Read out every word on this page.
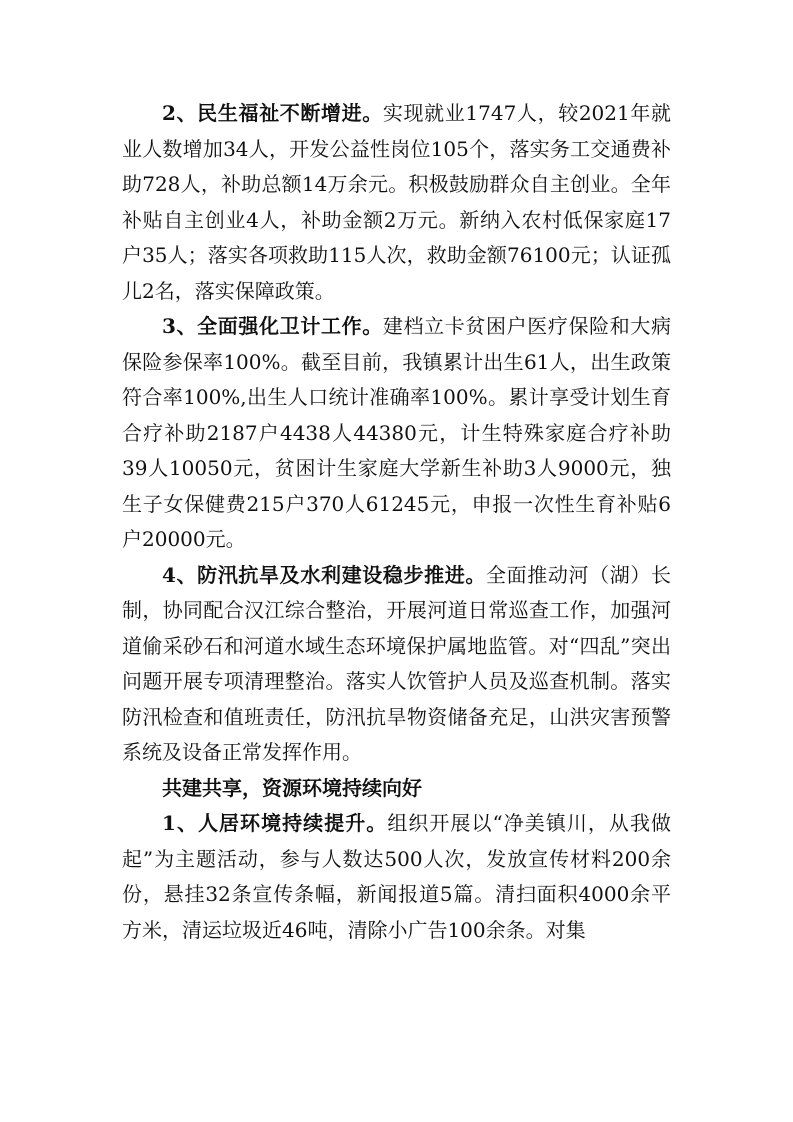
2、民生福祉不断增进。实现就业1747人，较2021年就业人数增加34人，开发公益性岗位105个，落实务工交通费补助728人，补助总额14万余元。积极鼓励群众自主创业。全年补贴自主创业4人，补助金额2万元。新纳入农村低保家庭17户35人；落实各项救助115人次，救助金额76100元；认证孤儿2名，落实保障政策。

3、全面强化卫计工作。建档立卡贫困户医疗保险和大病保险参保率100%。截至目前，我镇累计出生61人，出生政策符合率100%,出生人口统计准确率100%。累计享受计划生育合疗补助2187户4438人44380元，计生特殊家庭合疗补助39人10050元，贫困计生家庭大学新生补助3人9000元，独生子女保健费215户370人61245元，申报一次性生育补贴6户20000元。

4、防汛抗旱及水利建设稳步推进。全面推动河（湖）长制，协同配合汉江综合整治，开展河道日常巡查工作，加强河道偷采砂石和河道水域生态环境保护属地监管。对“四乱”突出问题开展专项清理整治。落实人饮管护人员及巡查机制。落实防汛检查和值班责任，防汛抗旱物资储备充足，山洪灾害预警系统及设备正常发挥作用。

共建共享，资源环境持续向好

1、人居环境持续提升。组织开展以“净美镇川，从我做起”为主题活动，参与人数达500人次，发放宣传材料200余份，悬挂32条宣传条幅，新闻报道5篇。清扫面积4000余平方米，清运垃圾近46吨，清除小广告100余条。对集
